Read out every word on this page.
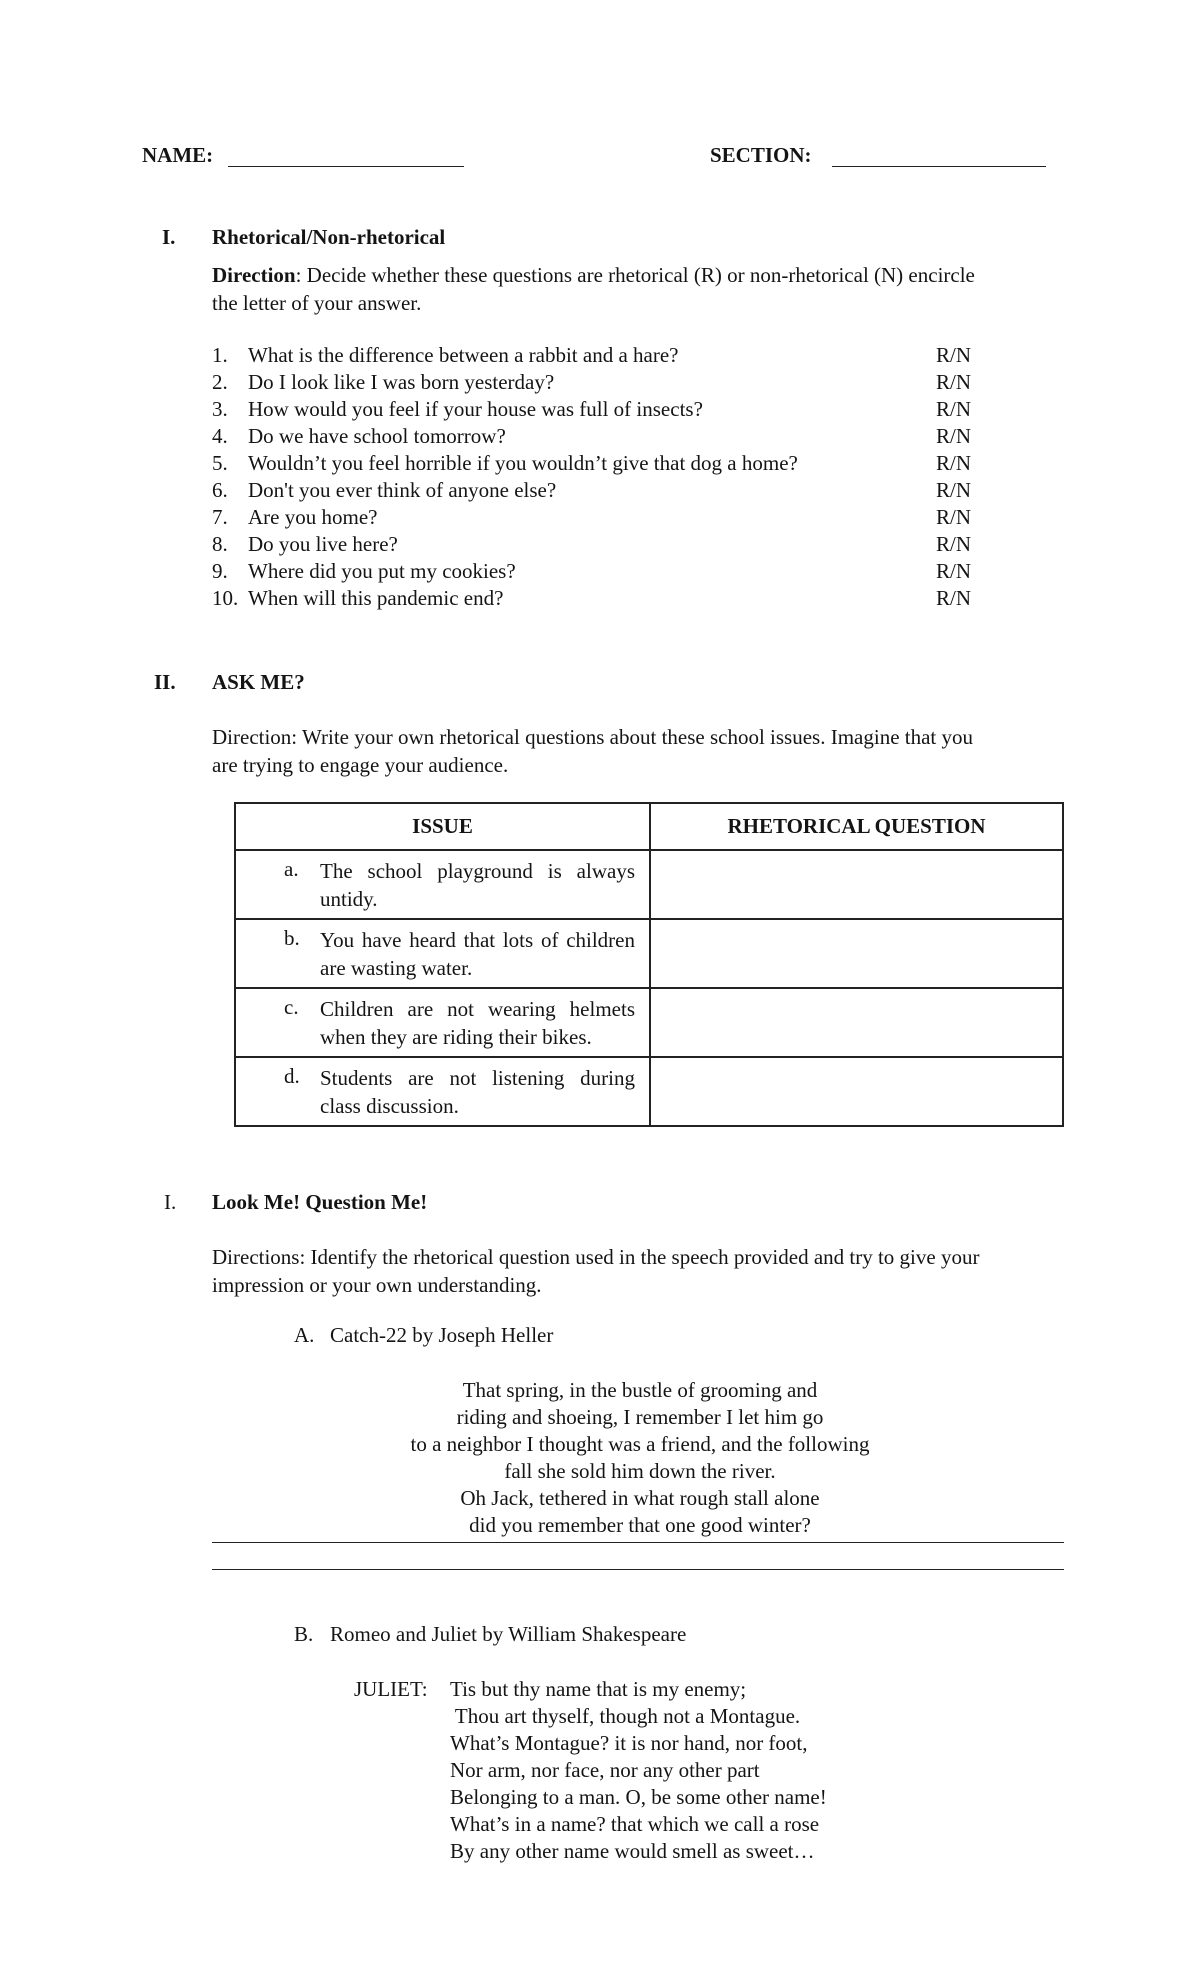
NAME:	SECTION:
I. Rhetorical/Non-rhetorical
Direction: Decide whether these questions are rhetorical (R) or non-rhetorical (N) encircle
the letter of your answer.
1. What is the difference between a rabbit and a hare?	R/N
2. Do I look like I was born yesterday?	R/N
3. How would you feel if your house was full of insects?	R/N
4. Do we have school tomorrow?	R/N
5. Wouldn’t you feel horrible if you wouldn’t give that dog a home?	R/N
6. Don't you ever think of anyone else?	R/N
7. Are you home?	R/N
8. Do you live here?	R/N
9. Where did you put my cookies?	R/N
10. When will this pandemic end?	R/N
II. ASK ME?
Direction: Write your own rhetorical questions about these school issues. Imagine that you
are trying to engage your audience.
ISSUE	RHETORICAL QUESTION

a. The school playground is always untidy.	

b. You have heard that lots of children are wasting water.	

c. Children are not wearing helmets when they are riding their bikes.	

d. Students are not listening during class discussion.	

I. Look Me! Question Me!
Directions: Identify the rhetorical question used in the speech provided and try to give your
impression or your own understanding.
A. Catch-22 by Joseph Heller
That spring, in the bustle of grooming and
riding and shoeing, I remember I let him go
to a neighbor I thought was a friend, and the following
fall she sold him down the river.
Oh Jack, tethered in what rough stall alone
did you remember that one good winter?
B. Romeo and Juliet by William Shakespeare
JULIET: Tis but thy name that is my enemy;
Thou art thyself, though not a Montague.
What’s Montague? it is nor hand, nor foot,
Nor arm, nor face, nor any other part
Belonging to a man. O, be some other name!
What’s in a name? that which we call a rose
By any other name would smell as sweet…
